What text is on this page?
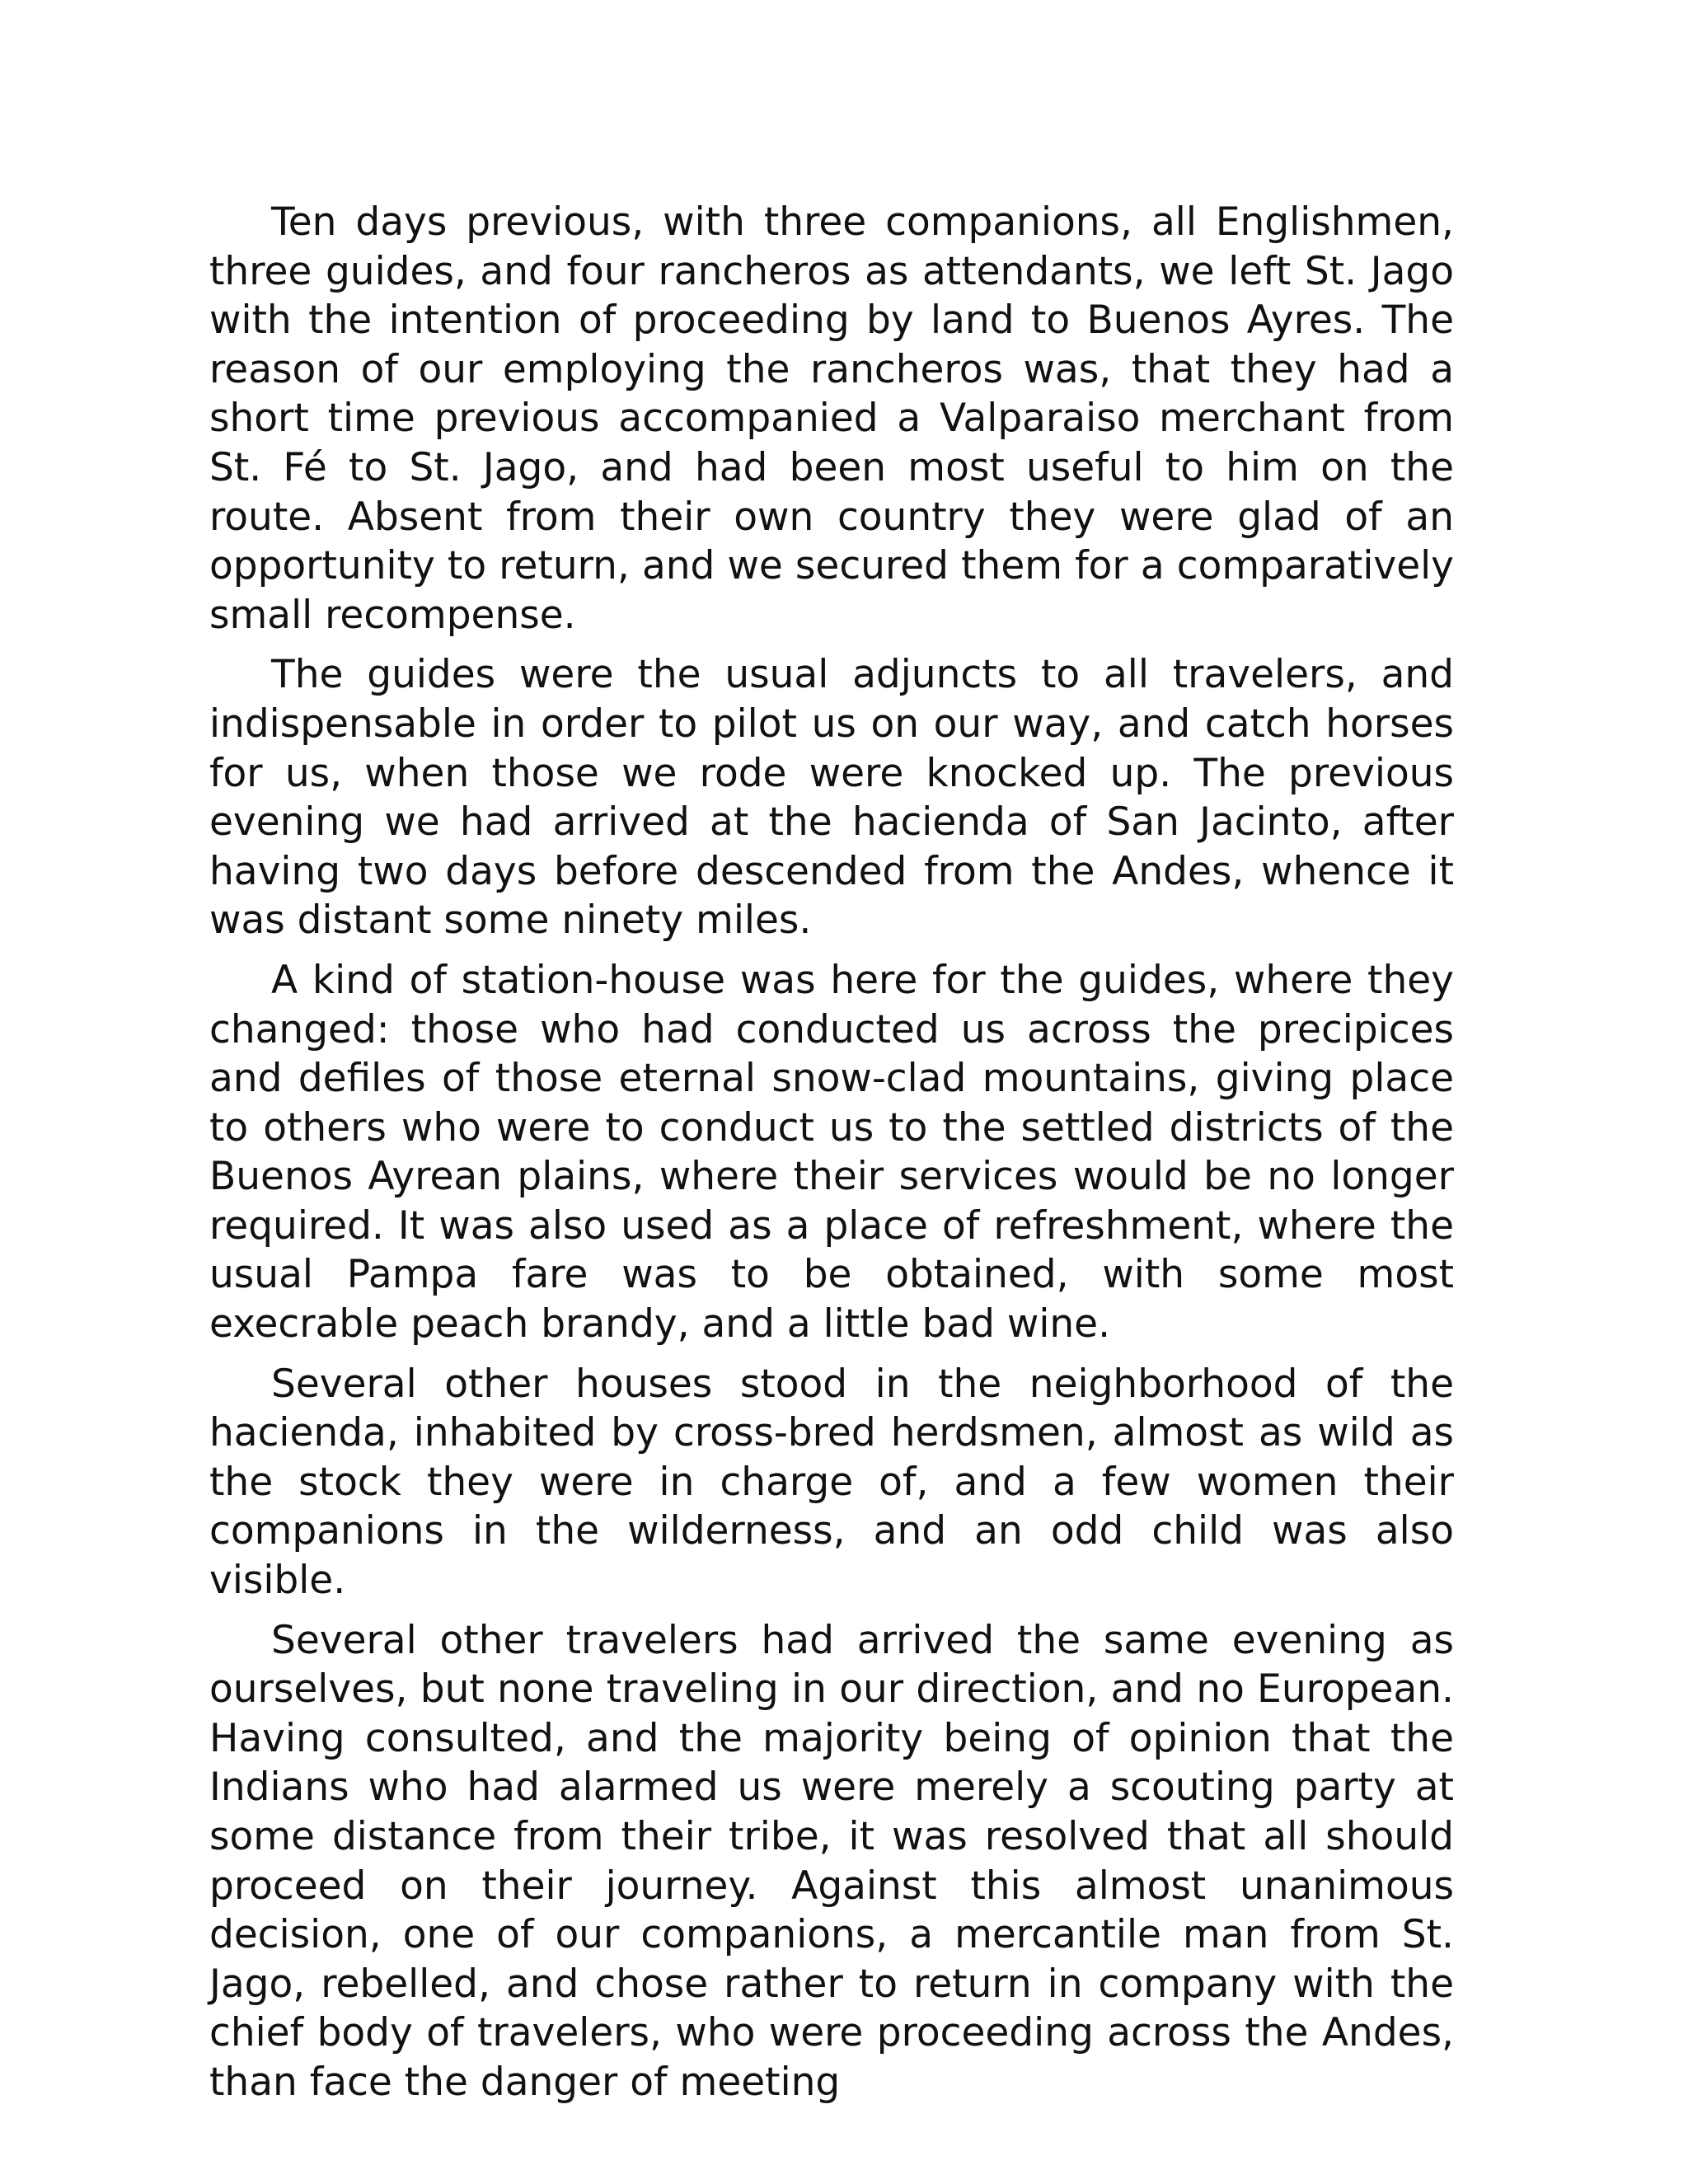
Ten days previous, with three companions, all Englishmen, three guides, and four rancheros as attendants, we left St. Jago with the intention of proceeding by land to Buenos Ayres. The reason of our employing the rancheros was, that they had a short time previous accompanied a Valparaiso merchant from St. Fé to St. Jago, and had been most useful to him on the route. Absent from their own country they were glad of an opportunity to return, and we secured them for a comparatively small recompense.

The guides were the usual adjuncts to all travelers, and indispensable in order to pilot us on our way, and catch horses for us, when those we rode were knocked up. The previous evening we had arrived at the hacienda of San Jacinto, after having two days before descended from the Andes, whence it was distant some ninety miles.

A kind of station-house was here for the guides, where they changed: those who had conducted us across the precipices and defiles of those eternal snow-clad mountains, giving place to others who were to conduct us to the settled districts of the Buenos Ayrean plains, where their services would be no longer required. It was also used as a place of refreshment, where the usual Pampa fare was to be obtained, with some most execrable peach brandy, and a little bad wine.

Several other houses stood in the neighborhood of the hacienda, inhabited by cross-bred herdsmen, almost as wild as the stock they were in charge of, and a few women their companions in the wilderness, and an odd child was also visible.

Several other travelers had arrived the same evening as ourselves, but none traveling in our direction, and no European. Having consulted, and the majority being of opinion that the Indians who had alarmed us were merely a scouting party at some distance from their tribe, it was resolved that all should proceed on their journey. Against this almost unanimous decision, one of our companions, a mercantile man from St. Jago, rebelled, and chose rather to return in company with the chief body of travelers, who were proceeding across the Andes, than face the danger of meeting
